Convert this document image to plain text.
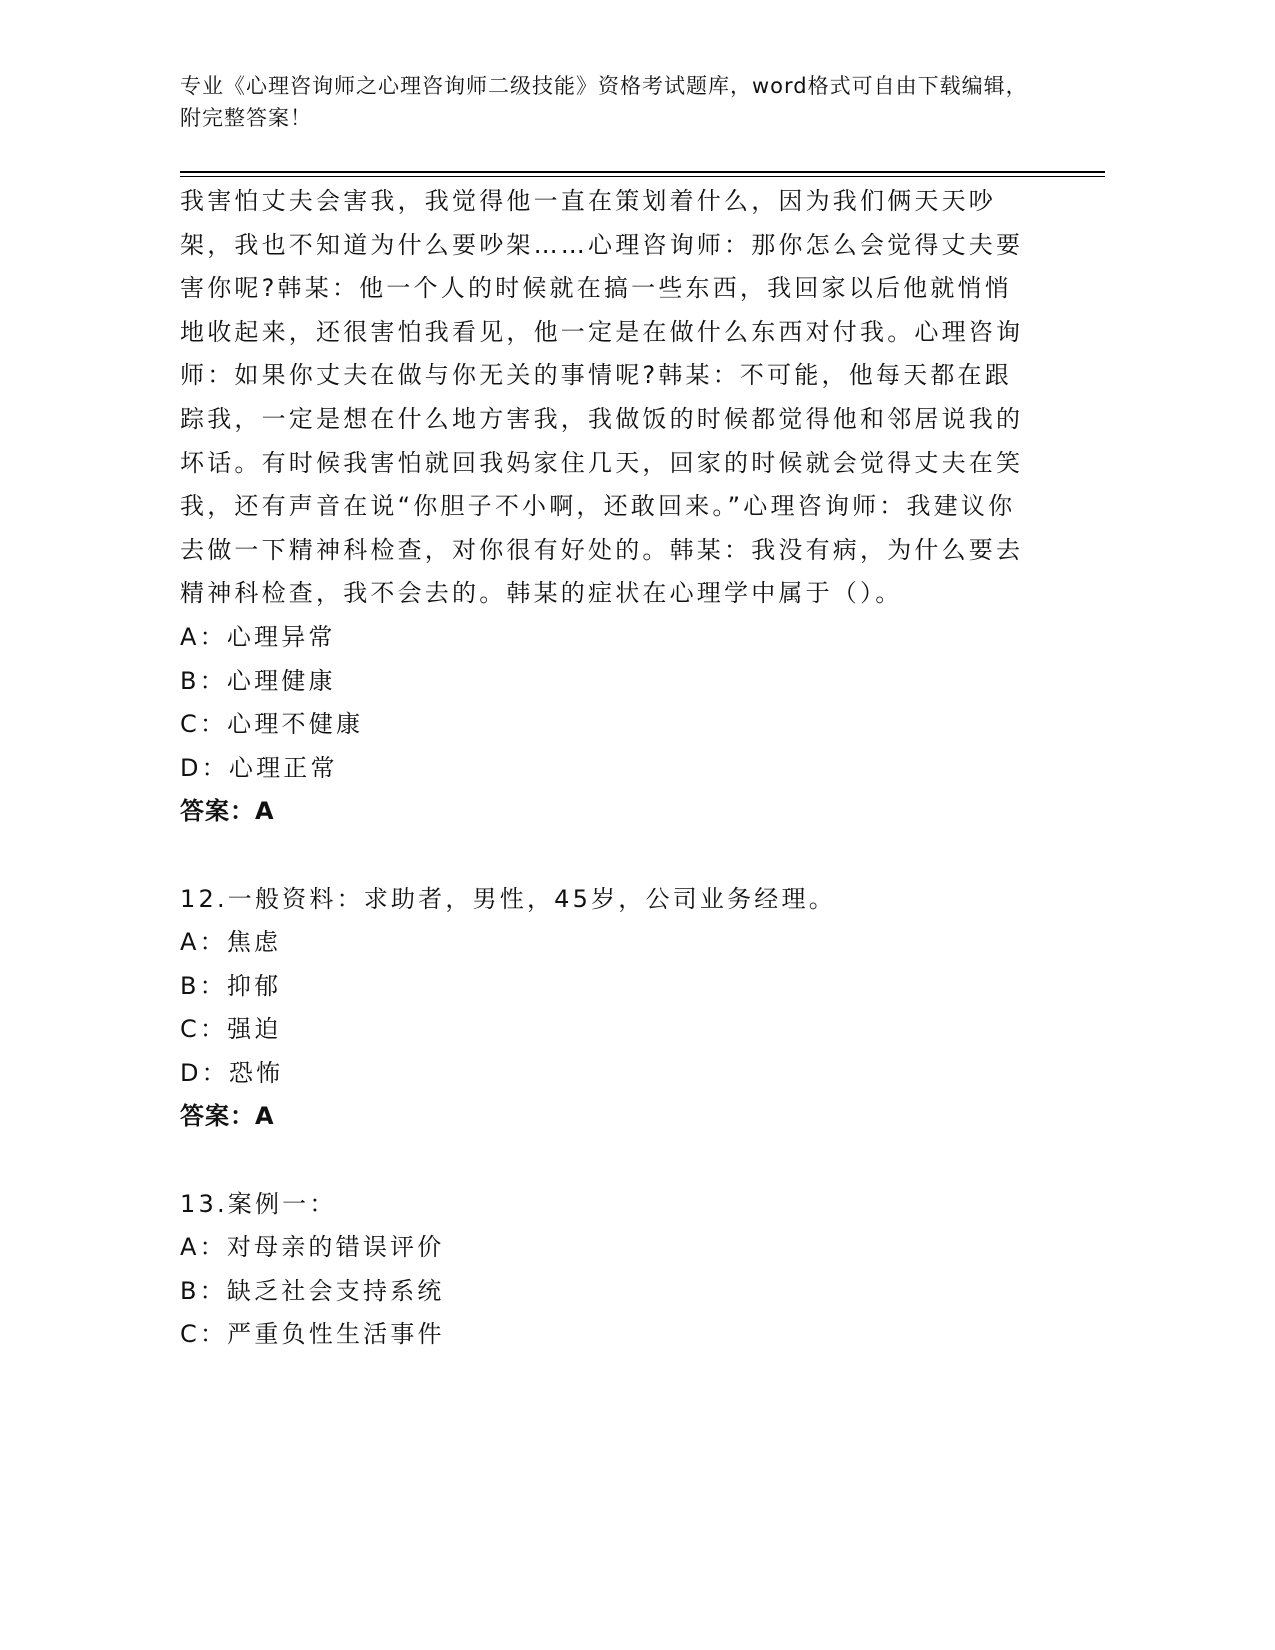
专业《心理咨询师之心理咨询师二级技能》资格考试题库，word格式可自由下载编辑，附完整答案！

我害怕丈夫会害我，我觉得他一直在策划着什么，因为我们俩天天吵架，我也不知道为什么要吵架……心理咨询师：那你怎么会觉得丈夫要害你呢?韩某：他一个人的时候就在搞一些东西，我回家以后他就悄悄地收起来，还很害怕我看见，他一定是在做什么东西对付我。心理咨询师：如果你丈夫在做与你无关的事情呢?韩某：不可能，他每天都在跟踪我，一定是想在什么地方害我，我做饭的时候都觉得他和邻居说我的坏话。有时候我害怕就回我妈家住几天，回家的时候就会觉得丈夫在笑我，还有声音在说“你胆子不小啊，还敢回来。”心理咨询师：我建议你去做一下精神科检查，对你很有好处的。韩某：我没有病，为什么要去精神科检查，我不会去的。韩某的症状在心理学中属于（）。

A：心理异常

B：心理健康

C：心理不健康

D：心理正常

答案：A

12.一般资料：求助者，男性，45岁，公司业务经理。

A：焦虑

B：抑郁

C：强迫

D：恐怖

答案：A

13.案例一：

A：对母亲的错误评价

B：缺乏社会支持系统

C：严重负性生活事件
